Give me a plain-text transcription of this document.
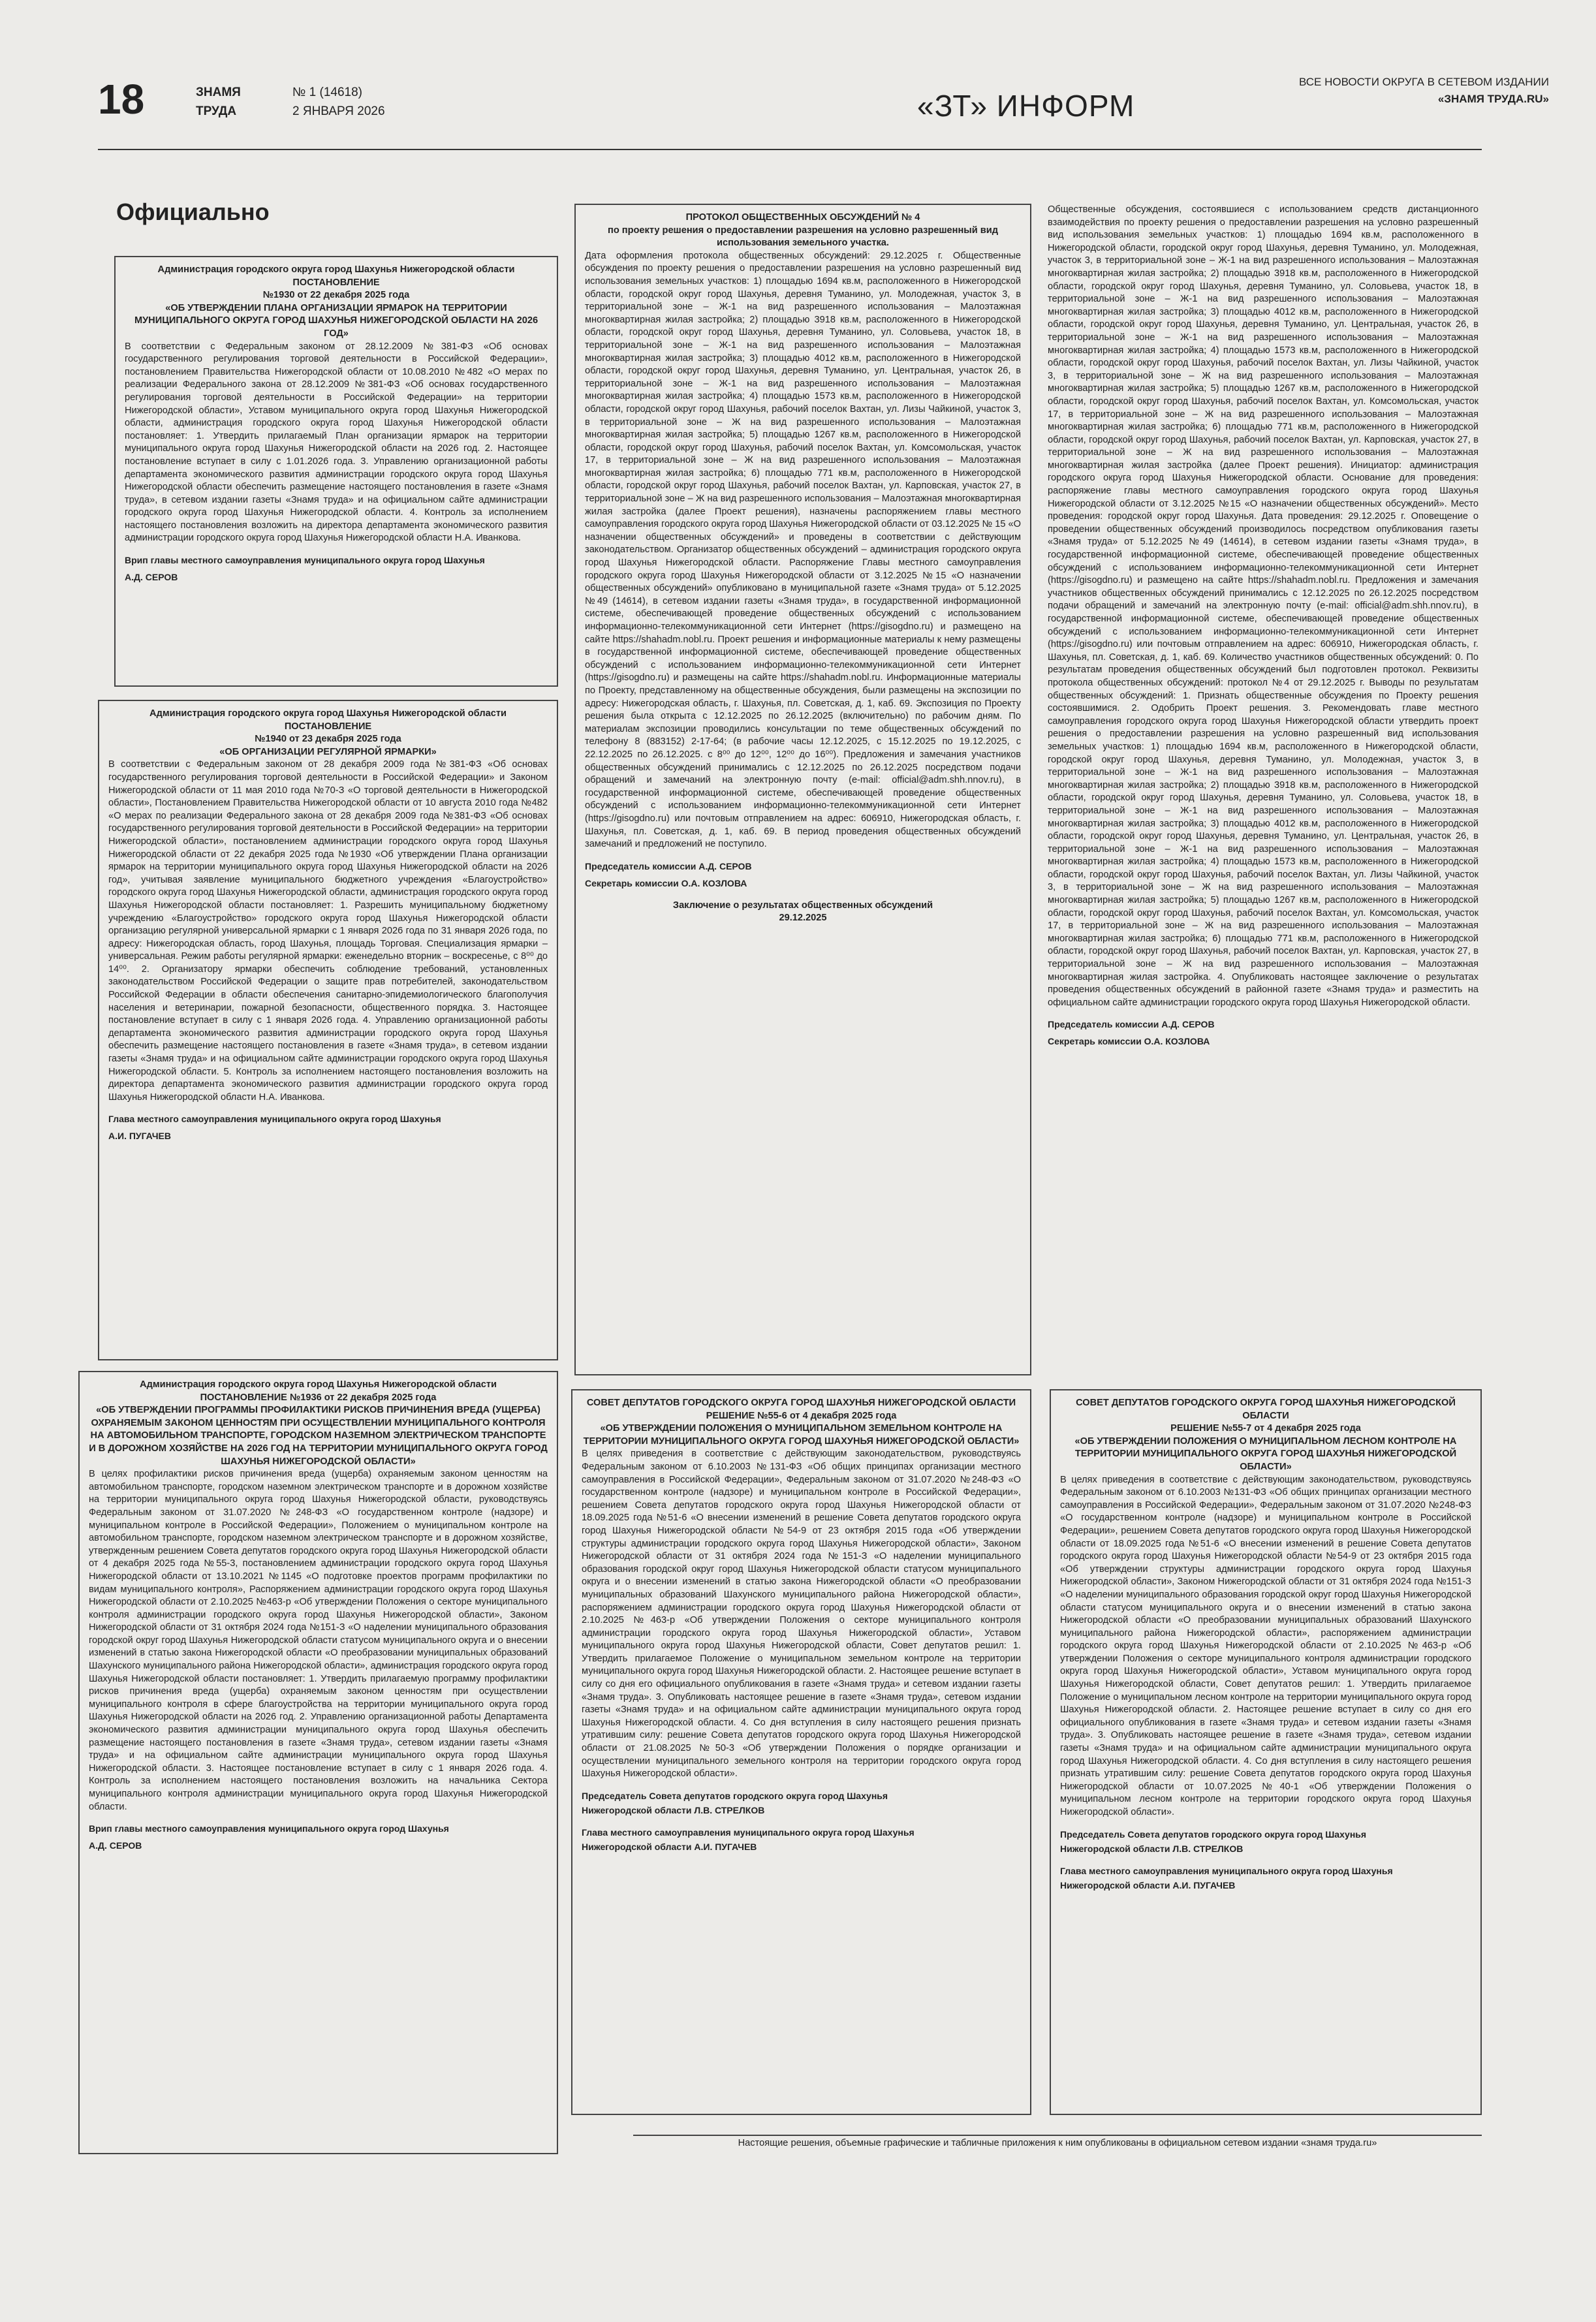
18	ЗНАМЯ
ТРУДА
№ 1 (14618)
2 ЯНВАРЯ 2026	«ЗТ» ИНФОРМ
ВСЕ НОВОСТИ ОКРУГА В СЕТЕВОМ ИЗДАНИИ
«ЗНАМЯ ТРУДА.RU»
Официально
Администрация городского округа город Шахунья Нижегородской области
ПОСТАНОВЛЕНИЕ
№1930 от 22 декабря 2025 года
«ОБ УТВЕРЖДЕНИИ ПЛАНА ОРГАНИЗАЦИИ ЯРМАРОК НА ТЕРРИТОРИИ МУНИЦИПАЛЬНОГО ОКРУГА ГОРОД ШАХУНЬЯ НИЖЕГОРОДСКОЙ ОБЛАСТИ НА 2026 ГОД»

В соответствии с Федеральным законом от 28.12.2009 №381-ФЗ «Об основах государственного регулирования торговой деятельности в Российской Федерации», постановлением Правительства Нижегородской области от 10.08.2010 №482 «О мерах по реализации Федерального закона от 28.12.2009 №381-ФЗ «Об основах государственного регулирования торговой деятельности в Российской Федерации» на территории Нижегородской области», Уставом муниципального округа город Шахунья Нижегородской области, администрация городского округа город Шахунья Нижегородской области постановляет: 1. Утвердить прилагаемый План организации ярмарок на территории муниципального округа город Шахунья Нижегородской области на 2026 год. 2. Настоящее постановление вступает в силу с 1.01.2026 года. 3. Управлению организационной работы департамента экономического развития администрации городского округа город Шахунья Нижегородской области обеспечить размещение настоящего постановления в газете «Знамя труда», в сетевом издании газеты «Знамя труда» и на официальном сайте администрации городского округа город Шахунья Нижегородской области. 4. Контроль за исполнением настоящего постановления возложить на директора департамента экономического развития администрации городского округа город Шахунья Нижегородской области Н.А. Иванкова.

Врип главы местного самоуправления муниципального округа город Шахунья
А.Д. СЕРОВ
Администрация городского округа город Шахунья Нижегородской области
ПОСТАНОВЛЕНИЕ
№1940 от 23 декабря 2025 года
«ОБ ОРГАНИЗАЦИИ РЕГУЛЯРНОЙ ЯРМАРКИ»

В соответствии с Федеральным законом от 28 декабря 2009 года №381-ФЗ «Об основах государственного регулирования торговой деятельности в Российской Федерации» и Законом Нижегородской области от 11 мая 2010 года №70-З «О торговой деятельности в Нижегородской области», Постановлением Правительства Нижегородской области от 10 августа 2010 года №482 «О мерах по реализации Федерального закона от 28 декабря 2009 года №381-ФЗ «Об основах государственного регулирования торговой деятельности в Российской Федерации» на территории Нижегородской области», постановлением администрации городского округа город Шахунья Нижегородской области от 22 декабря 2025 года №1930 «Об утверждении Плана организации ярмарок на территории муниципального округа город Шахунья Нижегородской области на 2026 год», учитывая заявление муниципального бюджетного учреждения «Благоустройство» городского округа город Шахунья Нижегородской области, администрация городского округа город Шахунья Нижегородской области постановляет: 1. Разрешить муниципальному бюджетному учреждению «Благоустройство» городского округа город Шахунья Нижегородской области организацию регулярной универсальной ярмарки с 1 января 2026 года по 31 января 2026 года, по адресу: Нижегородская область, город Шахунья, площадь Торговая. Специализация ярмарки – универсальная. Режим работы регулярной ярмарки: еженедельно вторник – воскресенье, с 8⁰⁰ до 14⁰⁰. 2. Организатору ярмарки обеспечить соблюдение требований, установленных законодательством Российской Федерации о защите прав потребителей, законодательством Российской Федерации в области обеспечения санитарно-эпидемиологического благополучия населения и ветеринарии, пожарной безопасности, общественного порядка. 3. Настоящее постановление вступает в силу с 1 января 2026 года. 4. Управлению организационной работы департамента экономического развития администрации городского округа город Шахунья обеспечить размещение настоящего постановления в газете «Знамя труда», в сетевом издании газеты «Знамя труда» и на официальном сайте администрации городского округа город Шахунья Нижегородской области. 5. Контроль за исполнением настоящего постановления возложить на директора департамента экономического развития администрации городского округа город Шахунья Нижегородской области Н.А. Иванкова.

Глава местного самоуправления муниципального округа город Шахунья
А.И. ПУГАЧЕВ
Администрация городского округа город Шахунья Нижегородской области
ПОСТАНОВЛЕНИЕ №1936 от 22 декабря 2025 года
«ОБ УТВЕРЖДЕНИИ ПРОГРАММЫ ПРОФИЛАКТИКИ РИСКОВ ПРИЧИНЕНИЯ ВРЕДА (УЩЕРБА) ОХРАНЯЕМЫМ ЗАКОНОМ ЦЕННОСТЯМ ПРИ ОСУЩЕСТВЛЕНИИ МУНИЦИПАЛЬНОГО КОНТРОЛЯ НА АВТОМОБИЛЬНОМ ТРАНСПОРТЕ, ГОРОДСКОМ НАЗЕМНОМ ЭЛЕКТРИЧЕСКОМ ТРАНСПОРТЕ И В ДОРОЖНОМ ХОЗЯЙСТВЕ НА 2026 ГОД НА ТЕРРИТОРИИ МУНИЦИПАЛЬНОГО ОКРУГА ГОРОД ШАХУНЬЯ НИЖЕГОРОДСКОЙ ОБЛАСТИ»

В целях профилактики рисков причинения вреда (ущерба) охраняемым законом ценностям на автомобильном транспорте, городском наземном электрическом транспорте и в дорожном хозяйстве на территории муниципального округа город Шахунья Нижегородской области, руководствуясь Федеральным законом от 31.07.2020 №248-ФЗ «О государственном контроле (надзоре) и муниципальном контроле в Российской Федерации», Положением о муниципальном контроле на автомобильном транспорте, городском наземном электрическом транспорте и в дорожном хозяйстве, утвержденным решением Совета депутатов городского округа город Шахунья Нижегородской области от 4 декабря 2025 года №55-3, постановлением администрации городского округа город Шахунья Нижегородской области от 13.10.2021 №1145 «О подготовке проектов программ профилактики по видам муниципального контроля», Распоряжением администрации городского округа город Шахунья Нижегородской области от 2.10.2025 №463-р «Об утверждении Положения о секторе муниципального контроля администрации городского округа город Шахунья Нижегородской области», Законом Нижегородской области от 31 октября 2024 года №151-З «О наделении муниципального образования городской округ город Шахунья Нижегородской области статусом муниципального округа и о внесении изменений в статью закона Нижегородской области «О преобразовании муниципальных образований Шахунского муниципального района Нижегородской области», администрация городского округа город Шахунья Нижегородской области постановляет: 1. Утвердить прилагаемую программу профилактики рисков причинения вреда (ущерба) охраняемым законом ценностям при осуществлении муниципального контроля в сфере благоустройства на территории муниципального округа город Шахунья Нижегородской области на 2026 год. 2. Управлению организационной работы Департамента экономического развития администрации муниципального округа город Шахунья обеспечить размещение настоящего постановления в газете «Знамя труда», сетевом издании газеты «Знамя труда» и на официальном сайте администрации муниципального округа город Шахунья Нижегородской области. 3. Настоящее постановление вступает в силу с 1 января 2026 года. 4. Контроль за исполнением настоящего постановления возложить на начальника Сектора муниципального контроля администрации муниципального округа город Шахунья Нижегородской области.

Врип главы местного самоуправления муниципального округа город Шахунья
А.Д. СЕРОВ
ПРОТОКОЛ ОБЩЕСТВЕННЫХ ОБСУЖДЕНИЙ № 4
по проекту решения о предоставлении разрешения на условно разрешенный вид использования земельного участка.

Дата оформления протокола общественных обсуждений: 29.12.2025 г. Общественные обсуждения по проекту решения о предоставлении разрешения на условно разрешенный вид использования земельных участков: 1) площадью 1694 кв.м, расположенного в Нижегородской области, городской округ город Шахунья, деревня Туманино, ул. Молодежная, участок 3, в территориальной зоне – Ж-1 на вид разрешенного использования – Малоэтажная многоквартирная жилая застройка; 2) площадью 3918 кв.м, расположенного в Нижегородской области, городской округ город Шахунья, деревня Туманино, ул. Соловьева, участок 18, в территориальной зоне – Ж-1 на вид разрешенного использования – Малоэтажная многоквартирная жилая застройка; 3) площадью 4012 кв.м, расположенного в Нижегородской области, городской округ город Шахунья, деревня Туманино, ул. Центральная, участок 26, в территориальной зоне – Ж-1 на вид разрешенного использования – Малоэтажная многоквартирная жилая застройка; 4) площадью 1573 кв.м, расположенного в Нижегородской области, городской округ город Шахунья, рабочий поселок Вахтан, ул. Лизы Чайкиной, участок 3, в территориальной зоне – Ж на вид разрешенного использования – Малоэтажная многоквартирная жилая застройка; 5) площадью 1267 кв.м, расположенного в Нижегородской области, городской округ город Шахунья, рабочий поселок Вахтан, ул. Комсомольская, участок 17, в территориальной зоне – Ж на вид разрешенного использования – Малоэтажная многоквартирная жилая застройка; 6) площадью 771 кв.м, расположенного в Нижегородской области, городской округ город Шахунья, рабочий поселок Вахтан, ул. Карповская, участок 27, в территориальной зоне – Ж на вид разрешенного использования – Малоэтажная многоквартирная жилая застройка (далее Проект решения), назначены распоряжением главы местного самоуправления городского округа город Шахунья Нижегородской области от 03.12.2025 № 15 «О назначении общественных обсуждений» и проведены в соответствии с действующим законодательством. Организатор общественных обсуждений – администрация городского округа город Шахунья Нижегородской области. Распоряжение Главы местного самоуправления городского округа город Шахунья Нижегородской области от 3.12.2025 №15 «О назначении общественных обсуждений» опубликовано в муниципальной газете «Знамя труда» от 5.12.2025 №49 (14614), в сетевом издании газеты «Знамя труда», в государственной информационной системе, обеспечивающей проведение общественных обсуждений с использованием информационно-телекоммуникационной сети Интернет (https://gisogdno.ru) и размещено на сайте https://shahadm.nobl.ru. Проект решения и информационные материалы к нему размещены в государственной информационной системе, обеспечивающей проведение общественных обсуждений с использованием информационно-телекоммуникационной сети Интернет (https://gisogdno.ru) и размещены на сайте https://shahadm.nobl.ru. Информационные материалы по Проекту, представленному на общественные обсуждения, были размещены на экспозиции по адресу: Нижегородская область, г. Шахунья, пл. Советская, д. 1, каб. 69. Экспозиция по Проекту решения была открыта с 12.12.2025 по 26.12.2025 (включительно) по рабочим дням. По материалам экспозиции проводились консультации по теме общественных обсуждений по телефону 8 (883152) 2-17-64; (в рабочие часы 12.12.2025, с 15.12.2025 по 19.12.2025, с 22.12.2025 по 26.12.2025. с 8⁰⁰ до 12⁰⁰, 12⁰⁰ до 16⁰⁰). Предложения и замечания участников общественных обсуждений принимались с 12.12.2025 по 26.12.2025 посредством подачи обращений и замечаний на электронную почту (e-mail: official@adm.shh.nnov.ru), в государственной информационной системе, обеспечивающей проведение общественных обсуждений с использованием информационно-телекоммуникационной сети Интернет (https://gisogdno.ru) или почтовым отправлением на адрес: 606910, Нижегородская область, г. Шахунья, пл. Советская, д. 1, каб. 69. В период проведения общественных обсуждений замечаний и предложений не поступило.

Председатель комиссии А.Д. СЕРОВ
Секретарь комиссии О.А. КОЗЛОВА
Заключение о результатах общественных обсуждений
29.12.2025

Общественные обсуждения, состоявшиеся с использованием средств дистанционного взаимодействия по проекту решения о предоставлении разрешения на условно разрешенный вид использования земельных участков: 1) площадью 1694 кв.м, расположенного в Нижегородской области, городской округ город Шахунья, деревня Туманино, ул. Молодежная, участок 3, в территориальной зоне – Ж-1 на вид разрешенного использования – Малоэтажная многоквартирная жилая застройка; 2) площадью 3918 кв.м, расположенного в Нижегородской области, городской округ город Шахунья, деревня Туманино, ул. Соловьева, участок 18, в территориальной зоне – Ж-1 на вид разрешенного использования – Малоэтажная многоквартирная жилая застройка; 3) площадью 4012 кв.м, расположенного в Нижегородской области, городской округ город Шахунья, деревня Туманино, ул. Центральная, участок 26, в территориальной зоне – Ж-1 на вид разрешенного использования – Малоэтажная многоквартирная жилая застройка; 4) площадью 1573 кв.м, расположенного в Нижегородской области, городской округ город Шахунья, рабочий поселок Вахтан, ул. Лизы Чайкиной, участок 3, в территориальной зоне – Ж на вид разрешенного использования – Малоэтажная многоквартирная жилая застройка; 5) площадью 1267 кв.м, расположенного в Нижегородской области, городской округ город Шахунья, рабочий поселок Вахтан, ул. Комсомольская, участок 17, в территориальной зоне – Ж на вид разрешенного использования – Малоэтажная многоквартирная жилая застройка; 6) площадью 771 кв.м, расположенного в Нижегородской области, городской округ город Шахунья, рабочий поселок Вахтан, ул. Карповская, участок 27, в территориальной зоне – Ж на вид разрешенного использования – Малоэтажная многоквартирная жилая застройка (далее Проект решения). Инициатор: администрация городского округа город Шахунья Нижегородской области. Основание для проведения: распоряжение главы местного самоуправления городского округа город Шахунья Нижегородской области от 3.12.2025 №15 «О назначении общественных обсуждений». Место проведения: городской округ город Шахунья. Дата проведения: 29.12.2025 г. Оповещение о проведении общественных обсуждений производилось посредством опубликования газеты «Знамя труда» от 5.12.2025 №49 (14614), в сетевом издании газеты «Знамя труда», в государственной информационной системе, обеспечивающей проведение общественных обсуждений с использованием информационно-телекоммуникационной сети Интернет (https://gisogdno.ru) и размещено на сайте https://shahadm.nobl.ru. Предложения и замечания участников общественных обсуждений принимались с 12.12.2025 по 26.12.2025 посредством подачи обращений и замечаний на электронную почту (e-mail: official@adm.shh.nnov.ru), в государственной информационной системе, обеспечивающей проведение общественных обсуждений с использованием информационно-телекоммуникационной сети Интернет (https://gisogdno.ru) или почтовым отправлением на адрес: 606910, Нижегородская область, г. Шахунья, пл. Советская, д. 1, каб. 69. Количество участников общественных обсуждений: 0. По результатам проведения общественных обсуждений был подготовлен протокол. Реквизиты протокола общественных обсуждений: протокол №4 от 29.12.2025 г. Выводы по результатам общественных обсуждений: 1. Признать общественные обсуждения по Проекту решения состоявшимися. 2. Одобрить Проект решения. 3. Рекомендовать главе местного самоуправления городского округа город Шахунья Нижегородской области утвердить проект решения о предоставлении разрешения на условно разрешенный вид использования земельных участков: 1) площадью 1694 кв.м, расположенного в Нижегородской области, городской округ город Шахунья, деревня Туманино, ул. Молодежная, участок 3, в территориальной зоне – Ж-1 на вид разрешенного использования – Малоэтажная многоквартирная жилая застройка; 2) площадью 3918 кв.м, расположенного в Нижегородской области, городской округ город Шахунья, деревня Туманино, ул. Соловьева, участок 18, в территориальной зоне – Ж-1 на вид разрешенного использования – Малоэтажная многоквартирная жилая застройка; 3) площадью 4012 кв.м, расположенного в Нижегородской области, городской округ город Шахунья, деревня Туманино, ул. Центральная, участок 26, в территориальной зоне – Ж-1 на вид разрешенного использования – Малоэтажная многоквартирная жилая застройка; 4) площадью 1573 кв.м, расположенного в Нижегородской области, городской округ город Шахунья, рабочий поселок Вахтан, ул. Лизы Чайкиной, участок 3, в территориальной зоне – Ж на вид разрешенного использования – Малоэтажная многоквартирная жилая застройка; 5) площадью 1267 кв.м, расположенного в Нижегородской области, городской округ город Шахунья, рабочий поселок Вахтан, ул. Комсомольская, участок 17, в территориальной зоне – Ж на вид разрешенного использования – Малоэтажная многоквартирная жилая застройка; 6) площадью 771 кв.м, расположенного в Нижегородской области, городской округ город Шахунья, рабочий поселок Вахтан, ул. Карповская, участок 27, в территориальной зоне – Ж на вид разрешенного использования – Малоэтажная многоквартирная жилая застройка. 4. Опубликовать настоящее заключение о результатах проведения общественных обсуждений в районной газете «Знамя труда» и разместить на официальном сайте администрации городского округа город Шахунья Нижегородской области.

Председатель комиссии А.Д. СЕРОВ
Секретарь комиссии О.А. КОЗЛОВА
СОВЕТ ДЕПУТАТОВ ГОРОДСКОГО ОКРУГА ГОРОД ШАХУНЬЯ НИЖЕГОРОДСКОЙ ОБЛАСТИ
РЕШЕНИЕ №55-6 от 4 декабря 2025 года
«ОБ УТВЕРЖДЕНИИ ПОЛОЖЕНИЯ О МУНИЦИПАЛЬНОМ ЗЕМЕЛЬНОМ КОНТРОЛЕ НА ТЕРРИТОРИИ МУНИЦИПАЛЬНОГО ОКРУГА ГОРОД ШАХУНЬЯ НИЖЕГОРОДСКОЙ ОБЛАСТИ»

В целях приведения в соответствие с действующим законодательством, руководствуясь Федеральным законом от 6.10.2003 №131-ФЗ «Об общих принципах организации местного самоуправления в Российской Федерации», Федеральным законом от 31.07.2020 №248-ФЗ «О государственном контроле (надзоре) и муниципальном контроле в Российской Федерации», решением Совета депутатов городского округа город Шахунья Нижегородской области от 18.09.2025 года №51-6 «О внесении изменений в решение Совета депутатов городского округа город Шахунья Нижегородской области №54-9 от 23 октября 2015 года «Об утверждении структуры администрации городского округа город Шахунья Нижегородской области», Законом Нижегородской области от 31 октября 2024 года №151-З «О наделении муниципального образования городской округ город Шахунья Нижегородской области статусом муниципального округа и о внесении изменений в статью закона Нижегородской области «О преобразовании муниципальных образований Шахунского муниципального района Нижегородской области», распоряжением администрации городского округа город Шахунья Нижегородской области от 2.10.2025 №463-р «Об утверждении Положения о секторе муниципального контроля администрации городского округа город Шахунья Нижегородской области», Уставом муниципального округа город Шахунья Нижегородской области, Совет депутатов решил: 1. Утвердить прилагаемое Положение о муниципальном земельном контроле на территории муниципального округа город Шахунья Нижегородской области. 2. Настоящее решение вступает в силу со дня его официального опубликования в газете «Знамя труда» и сетевом издании газеты «Знамя труда». 3. Опубликовать настоящее решение в газете «Знамя труда», сетевом издании газеты «Знамя труда» и на официальном сайте администрации муниципального округа город Шахунья Нижегородской области. 4. Со дня вступления в силу настоящего решения признать утратившим силу: решение Совета депутатов городского округа город Шахунья Нижегородской области от 21.08.2025 №50-3 «Об утверждении Положения о порядке организации и осуществлении муниципального земельного контроля на территории городского округа город Шахунья Нижегородской области».

Председатель Совета депутатов городского округа город Шахунья
Нижегородской области Л.В. СТРЕЛКОВ
Глава местного самоуправления муниципального округа город Шахунья
Нижегородской области А.И. ПУГАЧЕВ
СОВЕТ ДЕПУТАТОВ ГОРОДСКОГО ОКРУГА ГОРОД ШАХУНЬЯ НИЖЕГОРОДСКОЙ ОБЛАСТИ
РЕШЕНИЕ №55-7 от 4 декабря 2025 года
«ОБ УТВЕРЖДЕНИИ ПОЛОЖЕНИЯ О МУНИЦИПАЛЬНОМ ЛЕСНОМ КОНТРОЛЕ НА ТЕРРИТОРИИ МУНИЦИПАЛЬНОГО ОКРУГА ГОРОД ШАХУНЬЯ НИЖЕГОРОДСКОЙ ОБЛАСТИ»

В целях приведения в соответствие с действующим законодательством, руководствуясь Федеральным законом от 6.10.2003 №131-ФЗ «Об общих принципах организации местного самоуправления в Российской Федерации», Федеральным законом от 31.07.2020 №248-ФЗ «О государственном контроле (надзоре) и муниципальном контроле в Российской Федерации», решением Совета депутатов городского округа город Шахунья Нижегородской области от 18.09.2025 года №51-6 «О внесении изменений в решение Совета депутатов городского округа город Шахунья Нижегородской области №54-9 от 23 октября 2015 года «Об утверждении структуры администрации городского округа город Шахунья Нижегородской области», Законом Нижегородской области от 31 октября 2024 года №151-З «О наделении муниципального образования городской округ город Шахунья Нижегородской области статусом муниципального округа и о внесении изменений в статью закона Нижегородской области «О преобразовании муниципальных образований Шахунского муниципального района Нижегородской области», распоряжением администрации городского округа город Шахунья Нижегородской области от 2.10.2025 №463-р «Об утверждении Положения о секторе муниципального контроля администрации городского округа город Шахунья Нижегородской области», Уставом муниципального округа город Шахунья Нижегородской области, Совет депутатов решил: 1. Утвердить прилагаемое Положение о муниципальном лесном контроле на территории муниципального округа город Шахунья Нижегородской области. 2. Настоящее решение вступает в силу со дня его официального опубликования в газете «Знамя труда» и сетевом издании газеты «Знамя труда». 3. Опубликовать настоящее решение в газете «Знамя труда», сетевом издании газеты «Знамя труда» и на официальном сайте администрации муниципального округа город Шахунья Нижегородской области. 4. Со дня вступления в силу настоящего решения признать утратившим силу: решение Совета депутатов городского округа город Шахунья Нижегородской области от 10.07.2025 №40-1 «Об утверждении Положения о муниципальном лесном контроле на территории городского округа город Шахунья Нижегородской области».

Председатель Совета депутатов городского округа город Шахунья
Нижегородской области Л.В. СТРЕЛКОВ
Глава местного самоуправления муниципального округа город Шахунья
Нижегородской области А.И. ПУГАЧЕВ
Настоящие решения, объемные графические и табличные приложения к ним опубликованы в официальном сетевом издании «знамя труда.ru»
